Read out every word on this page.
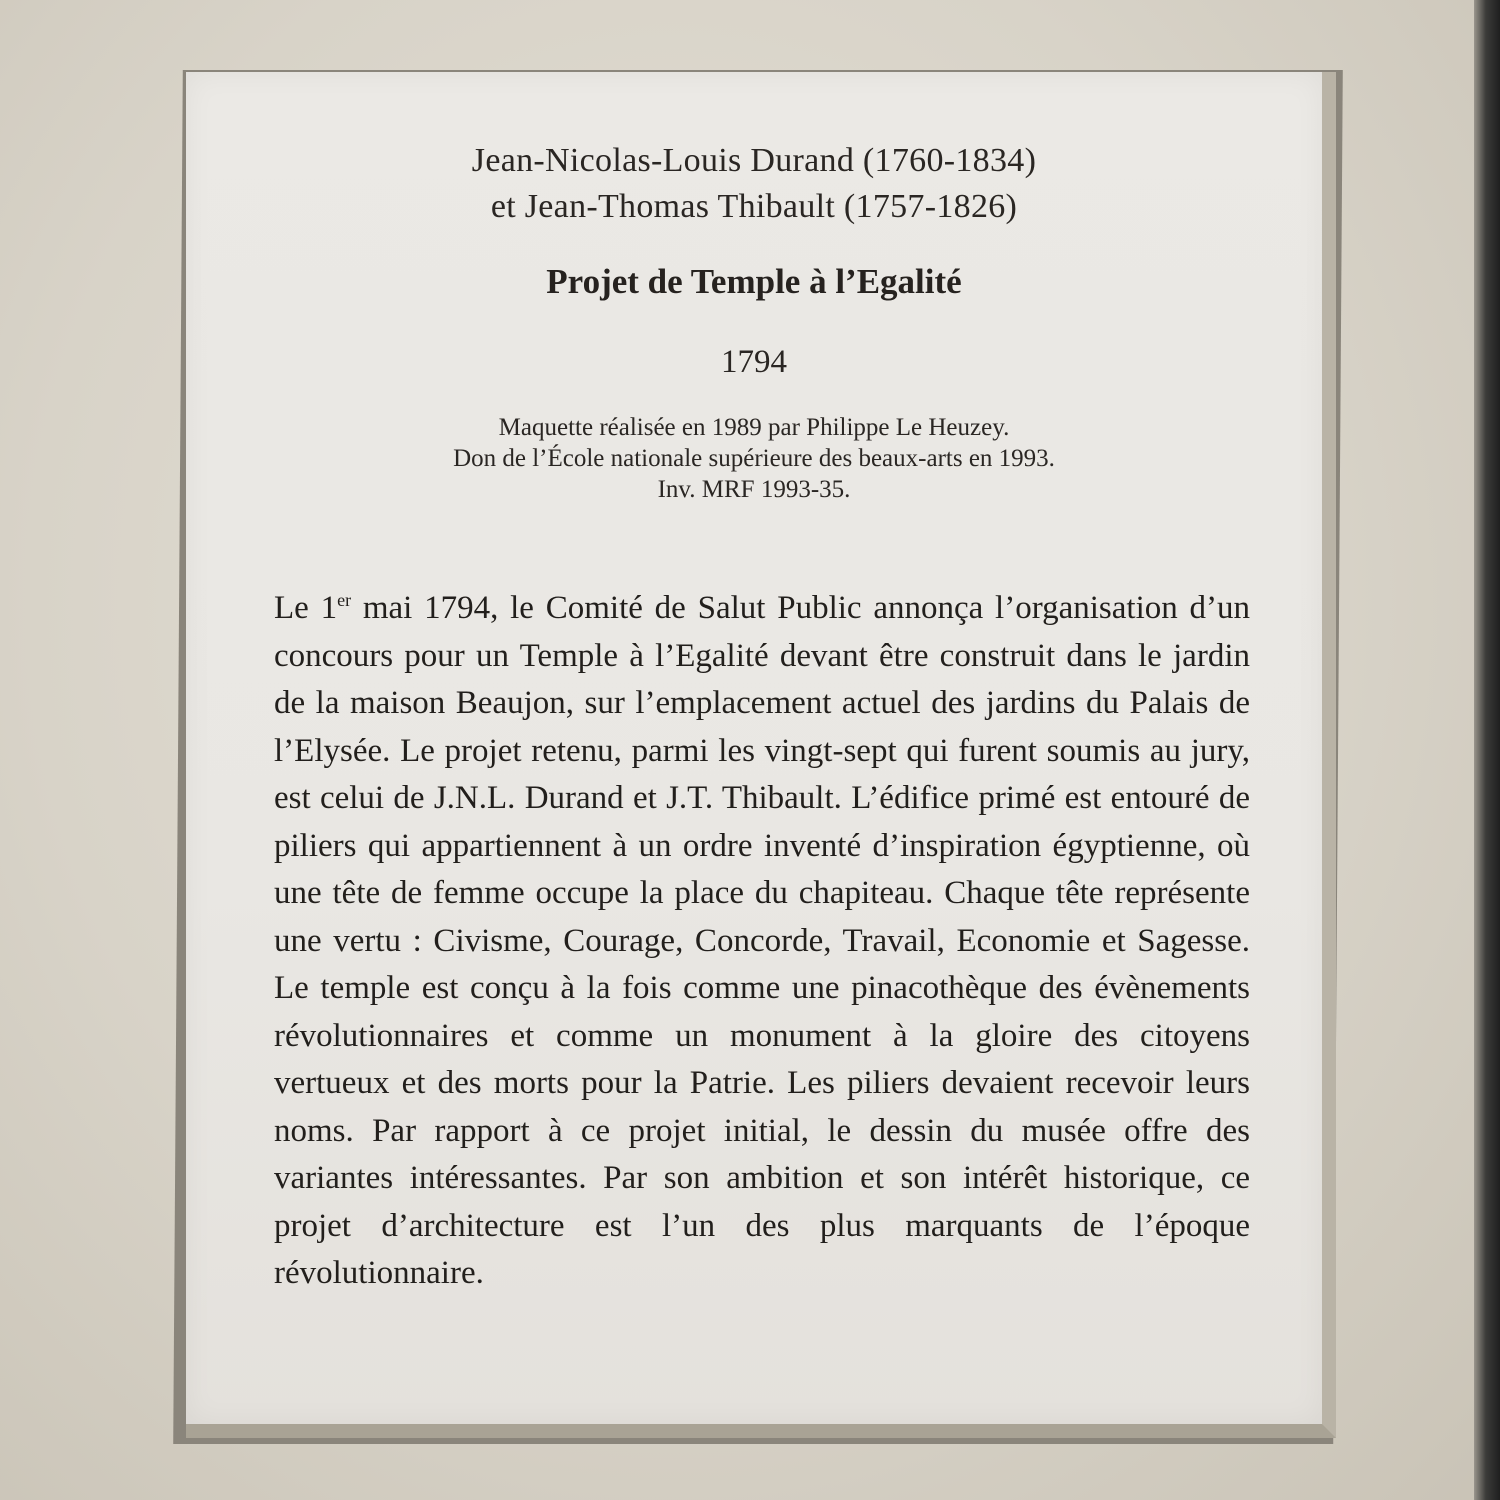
Jean-Nicolas-Louis Durand (1760-1834)
et Jean-Thomas Thibault (1757-1826)
Projet de Temple à l’Egalité
1794
Maquette réalisée en 1989 par Philippe Le Heuzey.
Don de l’École nationale supérieure des beaux-arts en 1993.
Inv. MRF 1993-35.

Le 1er mai 1794, le Comité de Salut Public annonça l’organisation d’un concours pour un Temple à l’Egalité devant être construit dans le jardin de la maison Beaujon, sur l’emplacement actuel des jardins du Palais de l’Elysée. Le projet retenu, parmi les vingt-sept qui furent soumis au jury, est celui de J.N.L. Durand et J.T. Thibault. L’édifice primé est entouré de piliers qui appartiennent à un ordre inventé d’inspiration égyptienne, où une tête de femme occupe la place du chapiteau. Chaque tête représente une vertu : Civisme, Courage, Concorde, Travail, Economie et Sagesse. Le temple est conçu à la fois comme une pinacothèque des évènements révolutionnaires et comme un monument à la gloire des citoyens vertueux et des morts pour la Patrie. Les piliers devaient recevoir leurs noms. Par rapport à ce projet initial, le dessin du musée offre des variantes intéressantes. Par son ambition et son intérêt historique, ce projet d’architecture est l’un des plus marquants de l’époque révolutionnaire.
